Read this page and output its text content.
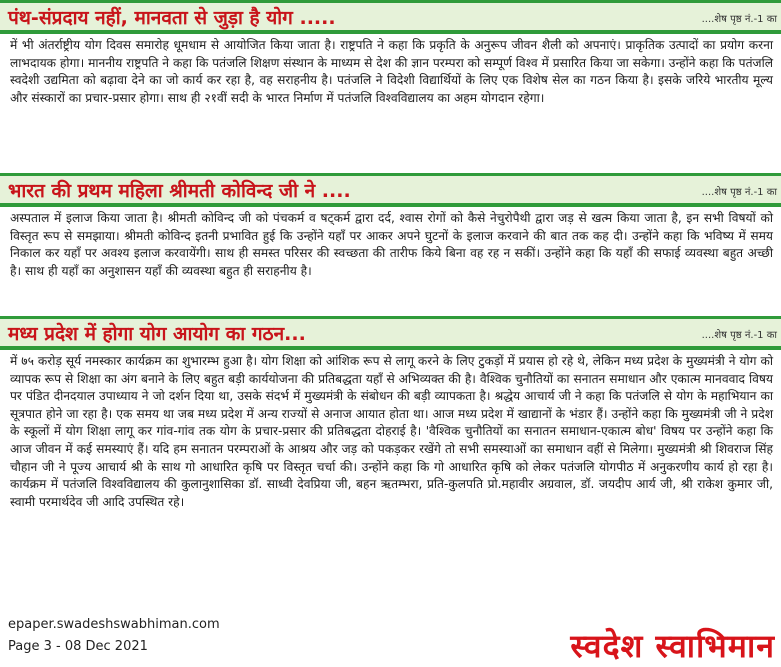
पंथ-संप्रदाय नहीं, मानवता से जुड़ा है योग .....	....शेष पृष्ठ नं.-1 का
में भी अंतर्राष्ट्रीय योग दिवस समारोह धूमधाम से आयोजित किया जाता है। राष्ट्रपति ने कहा कि प्रकृति के अनुरूप जीवन शैली को अपनाएं। प्राकृतिक उत्पादों का प्रयोग करना लाभदायक होगा। माननीय राष्ट्रपति ने कहा कि पतंजलि शिक्षण संस्थान के माध्यम से देश की ज्ञान परम्परा को सम्पूर्ण विश्व में प्रसारित किया जा सकेगा। उन्होंने कहा कि पतंजलि स्वदेशी उद्यमिता को बढ़ावा देने का जो कार्य कर रहा है, वह सराहनीय है। पतंजलि ने विदेशी विद्यार्थियों के लिए एक विशेष सेल का गठन किया है। इसके जरिये भारतीय मूल्य और संस्कारों का प्रचार-प्रसार होगा। साथ ही २१वीं सदी के भारत निर्माण में पतंजलि विश्वविद्यालय का अहम योगदान रहेगा।
भारत की प्रथम महिला श्रीमती कोविन्द जी ने ....	....शेष पृष्ठ नं.-1 का
अस्पताल में इलाज किया जाता है। श्रीमती कोविन्द जी को पंचकर्म व षट्कर्म द्वारा दर्द, श्वास रोगों को कैसे नेचुरोपैथी द्वारा जड़ से खत्म किया जाता है, इन सभी विषयों को विस्तृत रूप से समझाया। श्रीमती कोविन्द इतनी प्रभावित हुई कि उन्होंने यहाँ पर आकर अपने घुटनों के इलाज करवाने की बात तक कह दी। उन्होंने कहा कि भविष्य में समय निकाल कर यहाँ पर अवश्य इलाज करवायेंगी। साथ ही समस्त परिसर की स्वच्छता की तारीफ किये बिना वह रह न सकीं। उन्होंने कहा कि यहाँ की सफाई व्यवस्था बहुत अच्छी है। साथ ही यहाँ का अनुशासन यहाँ की व्यवस्था बहुत ही सराहनीय है।
मध्य प्रदेश में होगा योग आयोग का गठन...	....शेष पृष्ठ नं.-1 का
में ७५ करोड़ सूर्य नमस्कार कार्यक्रम का शुभारम्भ हुआ है। योग शिक्षा को आंशिक रूप से लागू करने के लिए टुकड़ों में प्रयास हो रहे थे, लेकिन मध्य प्रदेश के मुख्यमंत्री ने योग को व्यापक रूप से शिक्षा का अंग बनाने के लिए बहुत बड़ी कार्ययोजना की प्रतिबद्धता यहाँ से अभिव्यक्त की है। वैश्विक चुनौतियों का सनातन समाधान और एकात्म मानववाद विषय पर पंडित दीनदयाल उपाध्याय ने जो दर्शन दिया था, उसके संदर्भ में मुख्यमंत्री के संबोधन की बड़ी व्यापकता है। श्रद्धेय आचार्य जी ने कहा कि पतंजलि से योग के महाभियान का सूत्रपात होने जा रहा है। एक समय था जब मध्य प्रदेश में अन्य राज्यों से अनाज आयात होता था। आज मध्य प्रदेश में खाद्यानों के भंडार हैं। उन्होंने कहा कि मुख्यमंत्री जी ने प्रदेश के स्कूलों में योग शिक्षा लागू कर गांव-गांव तक योग के प्रचार-प्रसार की प्रतिबद्धता दोहराई है। 'वैश्विक चुनौतियों का सनातन समाधान-एकात्म बोध' विषय पर उन्होंने कहा कि आज जीवन में कई समस्याएं हैं। यदि हम सनातन परम्पराओं के आश्रय और जड़ को पकड़कर रखेंगे तो सभी समस्याओं का समाधान वहीं से मिलेगा। मुख्यमंत्री श्री शिवराज सिंह चौहान जी ने पूज्य आचार्य श्री के साथ गो आधारित कृषि पर विस्तृत चर्चा की। उन्होंने कहा कि गो आधारित कृषि को लेकर पतंजलि योगपीठ में अनुकरणीय कार्य हो रहा है। कार्यक्रम में पतंजलि विश्वविद्यालय की कुलानुशासिका डॉ. साध्वी देवप्रिया जी, बहन ऋतम्भरा, प्रति-कुलपति प्रो.महावीर अग्रवाल, डॉ. जयदीप आर्य जी, श्री राकेश कुमार जी, स्वामी परमार्थदेव जी आदि उपस्थित रहे।
epaper.swadeshswabhiman.com
Page 3 - 08 Dec 2021	स्वदेश स्वाभिमान
